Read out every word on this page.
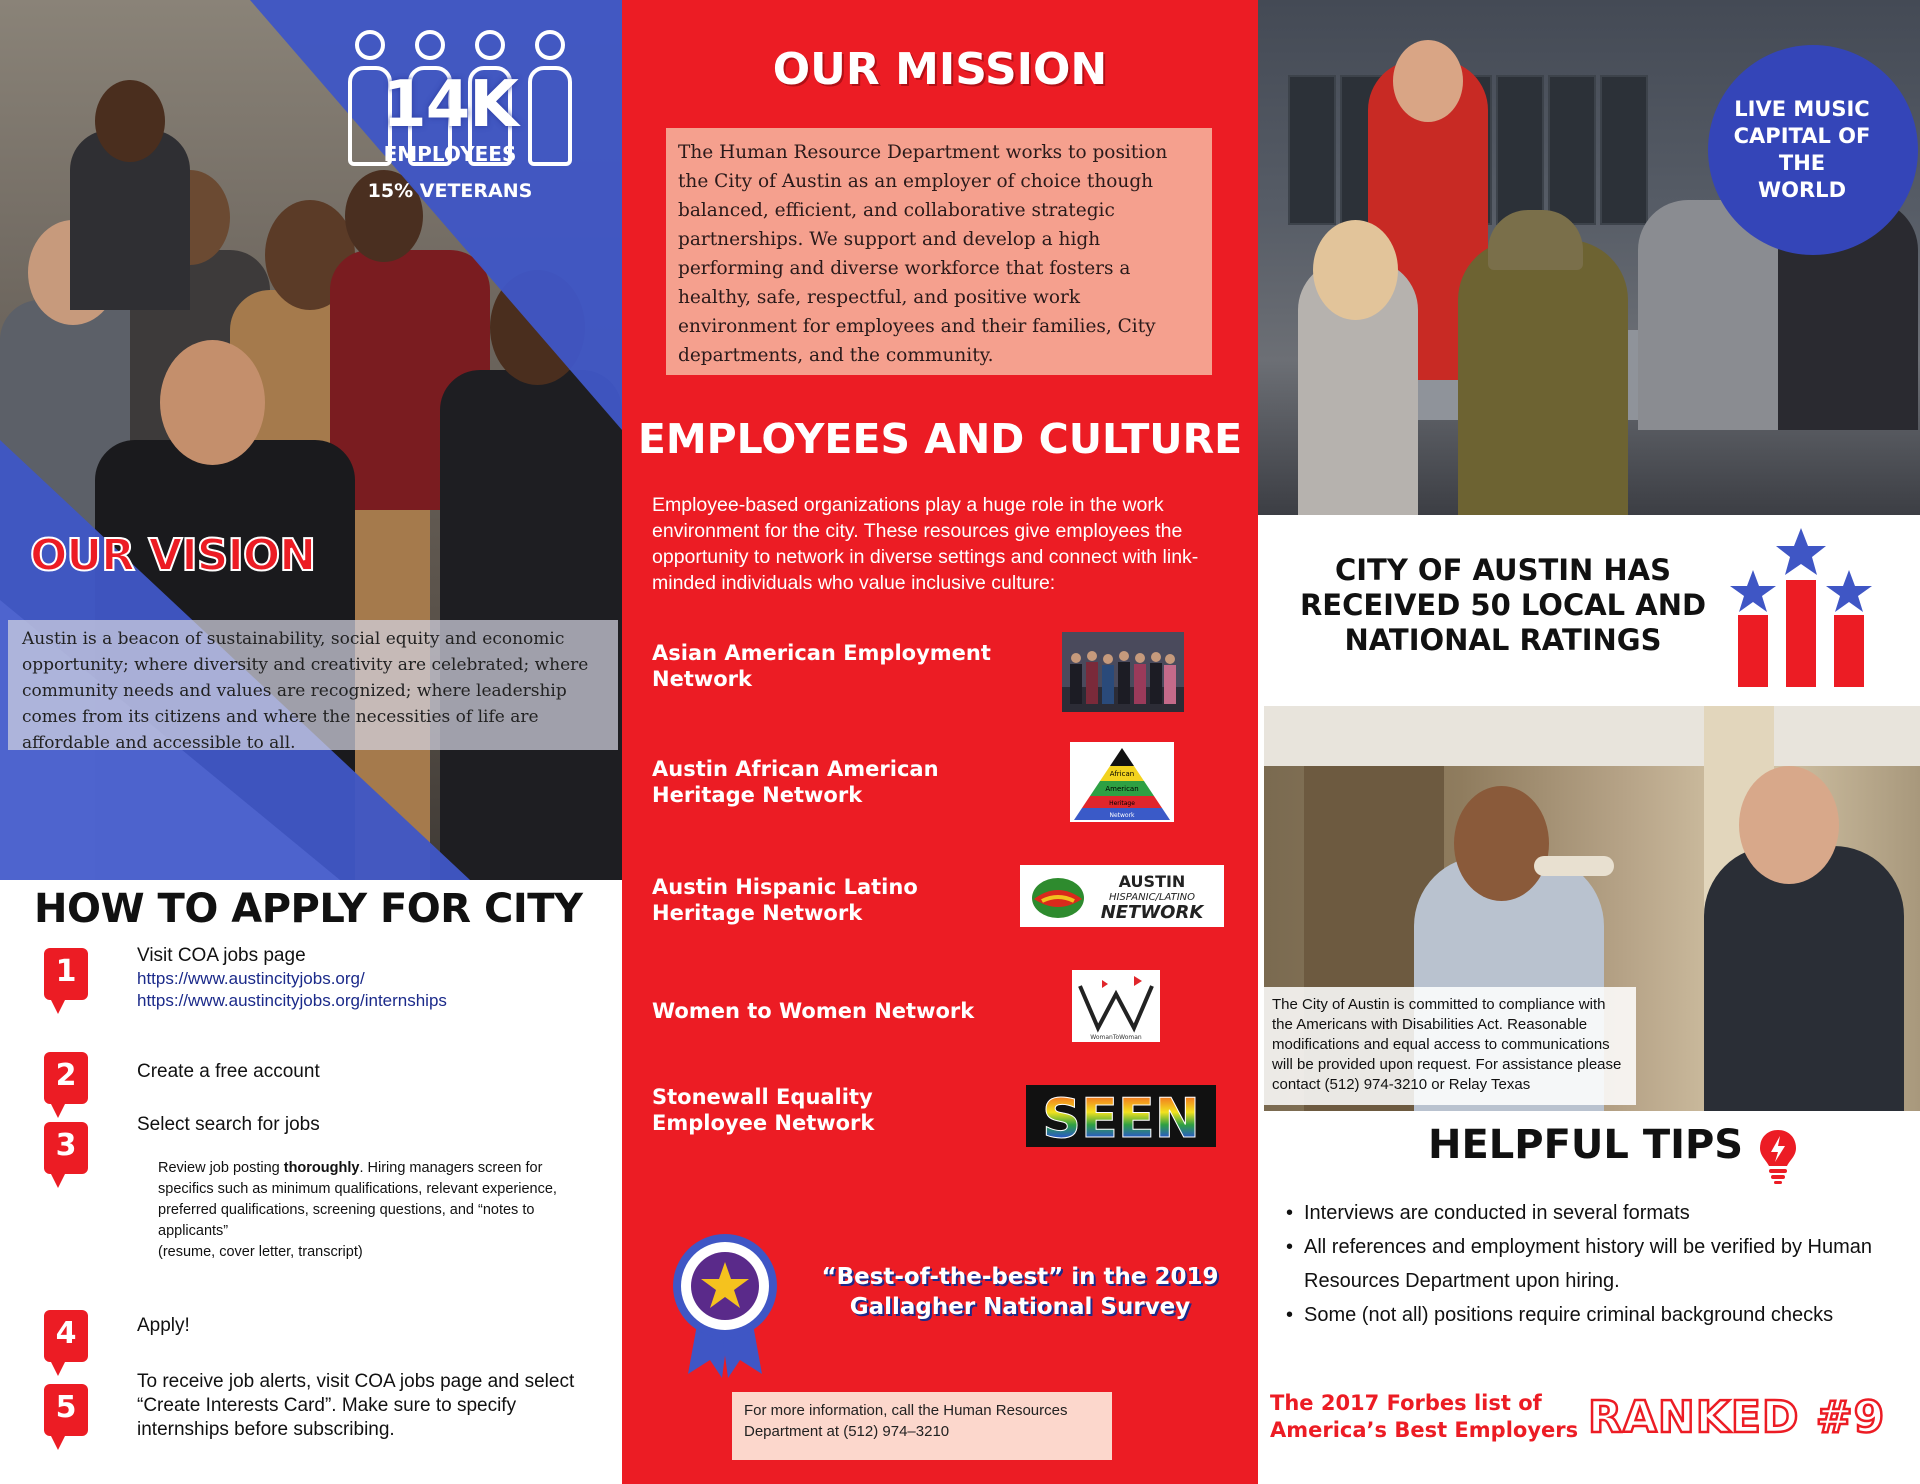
14K
EMPLOYEES
15% VETERANS
OUR VISION

Austin is a beacon of sustainability, social equity and economic opportunity; where diversity and creativity are celebrated; where community needs and values are recognized; where leadership comes from its citizens and where the necessities of life are affordable and accessible to all.

HOW TO APPLY FOR CITY
1	Visit COA jobs page
https://www.austincityjobs.org/
https://www.austincityjobs.org/internships
2	Create a free account
3
Select search for jobs
Review job posting thoroughly. Hiring managers screen for specifics such as minimum qualifications, relevant experience, preferred qualifications, screening questions, and “notes to applicants”
(resume, cover letter, transcript)
4	Apply!
5
To receive job alerts, visit COA jobs page and select “Create Interests Card”. Make sure to specify internships before subscribing.
OUR MISSION

The Human Resource Department works to position the City of Austin as an employer of choice though balanced, efficient, and collaborative strategic partnerships. We support and develop a high performing and diverse workforce that fosters a healthy, safe, respectful, and positive work environment for employees and their families, City departments, and the community.

EMPLOYEES AND CULTURE

Employee-based organizations play a huge role in the work environment for the city. These resources give employees the opportunity to network in diverse settings and connect with link-minded individuals who value inclusive culture:

Asian American Employment Network
Austin African American Heritage Network
African
American
Heritage
Network
Austin Hispanic Latino Heritage Network
AUSTIN
HISPANIC/LATINO
NETWORK
Women to Women Network
WomanToWoman
Stonewall Equality Employee Network	SEEN
“Best-of-the-best” in the 2019 Gallagher National Survey
For more information, call the Human Resources Department at (512) 974–3210
LIVE MUSIC CAPITAL OF THE WORLD
CITY OF AUSTIN HAS RECEIVED 50 LOCAL AND NATIONAL RATINGS
The City of Austin is committed to compliance with the Americans with Disabilities Act. Reasonable modifications and equal access to communications will be provided upon request. For assistance please contact (512) 974-3210 or Relay Texas
HELPFUL TIPS
• Interviews are conducted in several formats
• All references and employment history will be verified by Human Resources Department upon hiring.
• Some (not all) positions require criminal background checks
The 2017 Forbes list of America’s Best Employers RANKED #9
